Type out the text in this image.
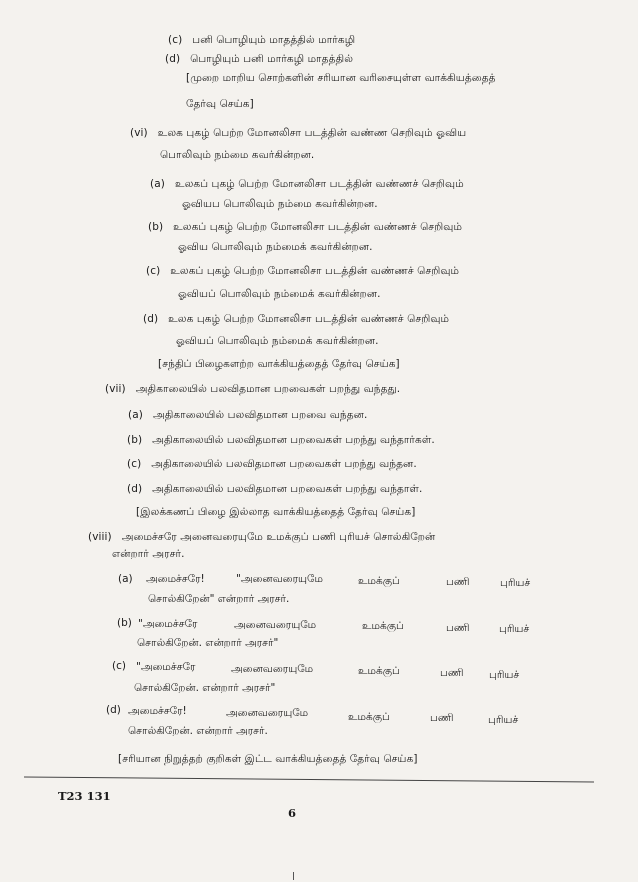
(c) பனி பொழியும் மாதத்தில் மார்கழி
(d) பொழியும் பனி மார்கழி மாதத்தில்
[முறை மாறிய சொற்களின் சரியான வரிசையுள்ள வாக்கியத்தைத்
தேர்வு செய்க]
(vi) உலக புகழ் பெற்ற மோனலிசா படத்தின் வண்ண செறிவும் ஓவிய
பொலிவும் நம்மை கவர்கின்றன.
(a) உலகப் புகழ் பெற்ற மோனலிசா படத்தின் வண்ணச் செறிவும்
ஓவியப பொலிவும் நம்மை கவர்கின்றன.
(b) உலகப் புகழ் பெற்ற மோனலிசா படத்தின் வண்ணச் செறிவும்
ஓவிய பொலிவும் நம்மைக் கவர்கின்றன.
(c) உலகப் புகழ் பெற்ற மோனலிசா படத்தின் வண்ணச் செறிவும்
ஓவியப் பொலிவும் நம்மைக் கவர்கின்றன.
(d) உலக புகழ் பெற்ற மோனலிசா படத்தின் வண்ணச் செறிவும்
ஓவியப் பொலிவும் நம்மைக் கவர்கின்றன.
[சந்திப் பிழைகளற்ற வாக்கியத்தைத் தேர்வு செய்க]
(vii) அதிகாலையில் பலவிதமான பறவைகள் பறந்து வந்தது.
(a) அதிகாலையில் பலவிதமான பறவை வந்தன.
(b) அதிகாலையில் பலவிதமான பறவைகள் பறந்து வந்தார்கள்.
(c) அதிகாலையில் பலவிதமான பறவைகள் பறந்து வந்தன.
(d) அதிகாலையில் பலவிதமான பறவைகள் பறந்து வந்தாள்.
[இலக்கணப் பிழை இல்லாத வாக்கியத்தைத் தேர்வு செய்க]
(viii) அமைச்சரே அனைவரையுமே உமக்குப் பணி புரியச் சொல்கிறேன்
என்றார் அரசர்.
(a) அமைச்சரே!	"அனைவரையுமே	உமக்குப்	பணி	புரியச்
சொல்கிறேன்" என்றார் அரசர்.
(b) "அமைச்சரே	அனைவரையுமே	உமக்குப்	பணி	புரியச்
சொல்கிறேன். என்றார் அரசர்"
(c) "அமைச்சரே	அனைவரையுமே	உமக்குப்	பணி புரியச்
சொல்கிறேன். என்றார் அரசர்"
(d) அமைச்சரே!	அனைவரையுமே	உமக்குப்	பணி	புரியச்
சொல்கிறேன். என்றார் அரசர்.
[சரியான நிறுத்தற் குறிகள் இட்ட வாக்கியத்தைத் தேர்வு செய்க]
T23 131
6
